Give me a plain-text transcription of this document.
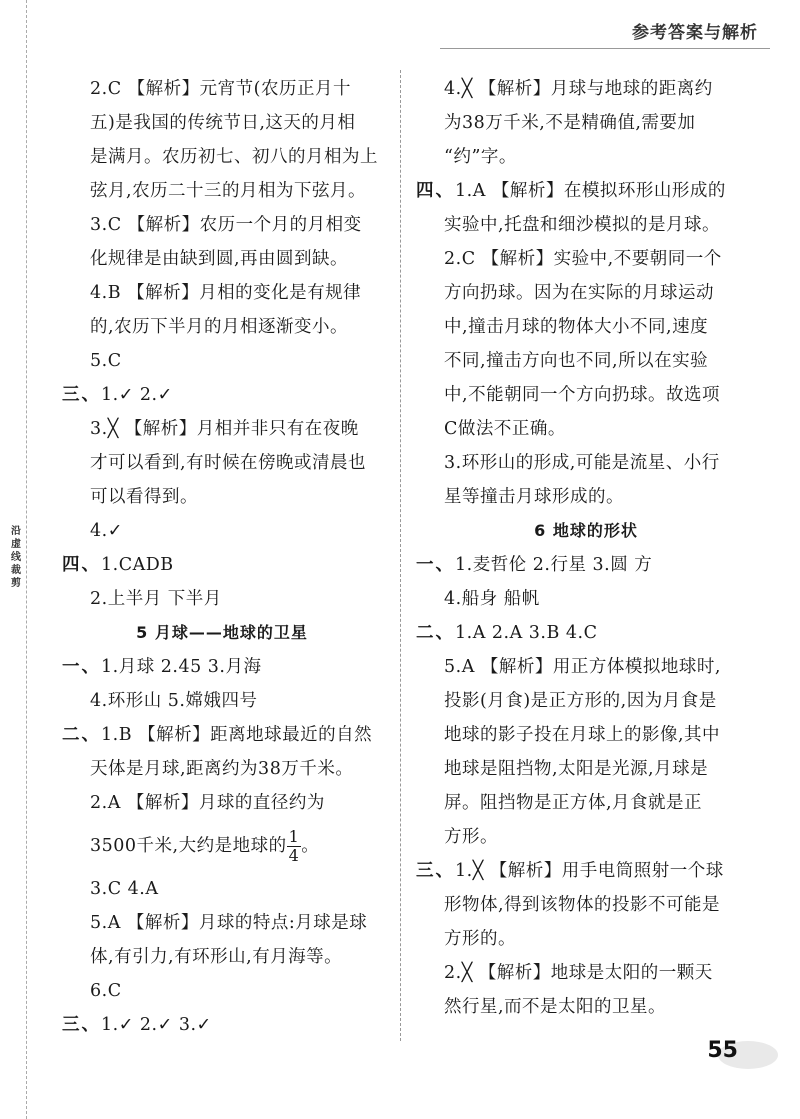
参考答案与解析
沿虚线裁剪
2.C 【解析】元宵节(农历正月十
五)是我国的传统节日,这天的月相
是满月。农历初七、初八的月相为上
弦月,农历二十三的月相为下弦月。
3.C 【解析】农历一个月的月相变
化规律是由缺到圆,再由圆到缺。
4.B 【解析】月相的变化是有规律
的,农历下半月的月相逐渐变小。
5.C
三、1.✓ 2.✓
3.╳ 【解析】月相并非只有在夜晚
才可以看到,有时候在傍晚或清晨也
可以看得到。
4.✓
四、1.CADB
2.上半月 下半月
5 月球——地球的卫星
一、1.月球 2.45 3.月海
4.环形山 5.嫦娥四号
二、1.B 【解析】距离地球最近的自然
天体是月球,距离约为38万千米。
2.A 【解析】月球的直径约为
3500千米,大约是地球的 $\frac{1}{4}$ 。
3.C 4.A
5.A 【解析】月球的特点:月球是球
体,有引力,有环形山,有月海等。
6.C
三、1.✓ 2.✓ 3.✓
4.╳ 【解析】月球与地球的距离约
为38万千米,不是精确值,需要加
“约”字。
四、1.A 【解析】在模拟环形山形成的
实验中,托盘和细沙模拟的是月球。
2.C 【解析】实验中,不要朝同一个
方向扔球。因为在实际的月球运动
中,撞击月球的物体大小不同,速度
不同,撞击方向也不同,所以在实验
中,不能朝同一个方向扔球。故选项
C做法不正确。
3.环形山的形成,可能是流星、小行
星等撞击月球形成的。
6 地球的形状
一、1.麦哲伦 2.行星 3.圆 方
4.船身 船帆
二、1.A 2.A 3.B 4.C
5.A 【解析】用正方体模拟地球时,
投影(月食)是正方形的,因为月食是
地球的影子投在月球上的影像,其中
地球是阻挡物,太阳是光源,月球是
屏。阻挡物是正方体,月食就是正
方形。
三、1.╳ 【解析】用手电筒照射一个球
形物体,得到该物体的投影不可能是
方形的。
2.╳ 【解析】地球是太阳的一颗天
然行星,而不是太阳的卫星。
55
